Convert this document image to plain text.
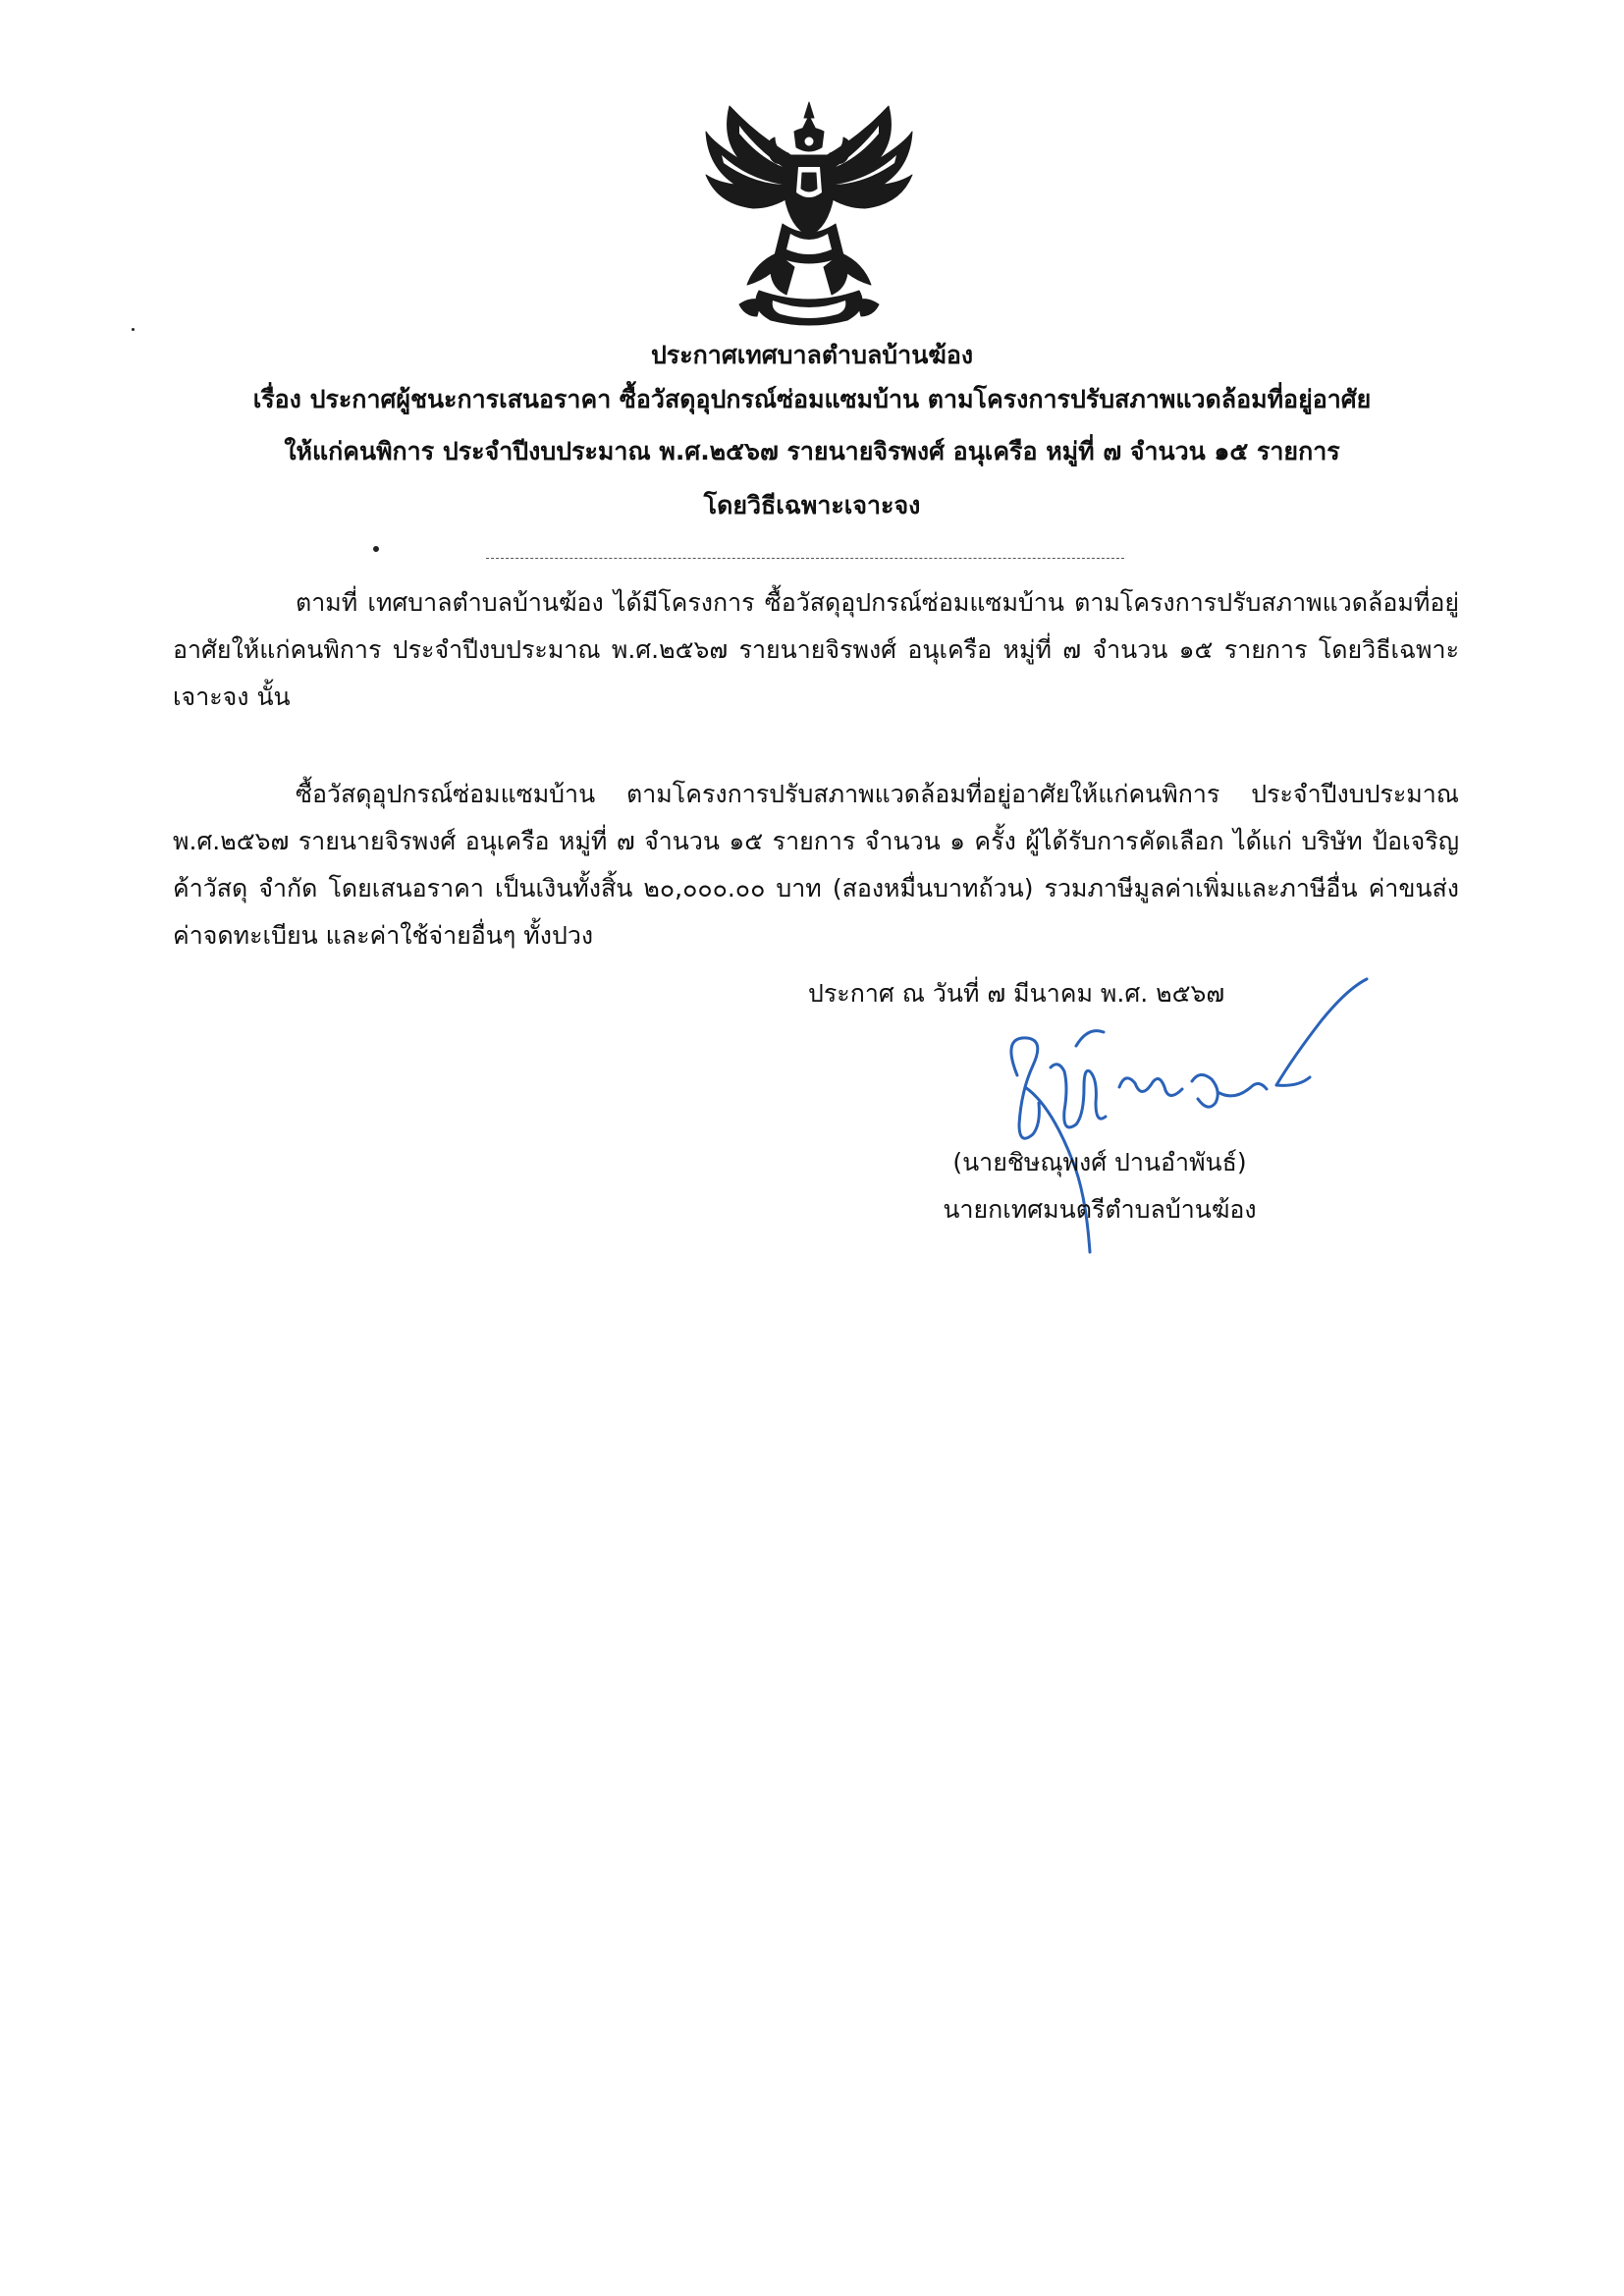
ประกาศเทศบาลตำบลบ้านฆ้อง
เรื่อง ประกาศผู้ชนะการเสนอราคา ซื้อวัสดุอุปกรณ์ซ่อมแซมบ้าน ตามโครงการปรับสภาพแวดล้อมที่อยู่อาศัย
ให้แก่คนพิการ ประจำปีงบประมาณ พ.ศ.๒๕๖๗ รายนายจิรพงศ์ อนุเครือ หมู่ที่ ๗ จำนวน ๑๕ รายการ
โดยวิธีเฉพาะเจาะจง
ตามที่ เทศบาลตำบลบ้านฆ้อง ได้มีโครงการ ซื้อวัสดุอุปกรณ์ซ่อมแซมบ้าน ตามโครงการปรับสภาพแวดล้อมที่อยู่อาศัยให้แก่คนพิการ ประจำปีงบประมาณ พ.ศ.๒๕๖๗ รายนายจิรพงศ์ อนุเครือ หมู่ที่ ๗ จำนวน ๑๕ รายการ โดยวิธีเฉพาะเจาะจง นั้น
ซื้อวัสดุอุปกรณ์ซ่อมแซมบ้าน ตามโครงการปรับสภาพแวดล้อมที่อยู่อาศัยให้แก่คนพิการ ประจำปีงบประมาณ พ.ศ.๒๕๖๗ รายนายจิรพงศ์ อนุเครือ หมู่ที่ ๗ จำนวน ๑๕ รายการ จำนวน ๑ ครั้ง ผู้ได้รับการคัดเลือก ได้แก่ บริษัท ป้อเจริญค้าวัสดุ จำกัด โดยเสนอราคา เป็นเงินทั้งสิ้น ๒๐,๐๐๐.๐๐ บาท (สองหมื่นบาทถ้วน) รวมภาษีมูลค่าเพิ่มและภาษีอื่น ค่าขนส่ง ค่าจดทะเบียน และค่าใช้จ่ายอื่นๆ ทั้งปวง
ประกาศ ณ วันที่ ๗ มีนาคม พ.ศ. ๒๕๖๗
(นายชิษณุพงศ์ ปานอำพันธ์)
นายกเทศมนตรีตำบลบ้านฆ้อง
